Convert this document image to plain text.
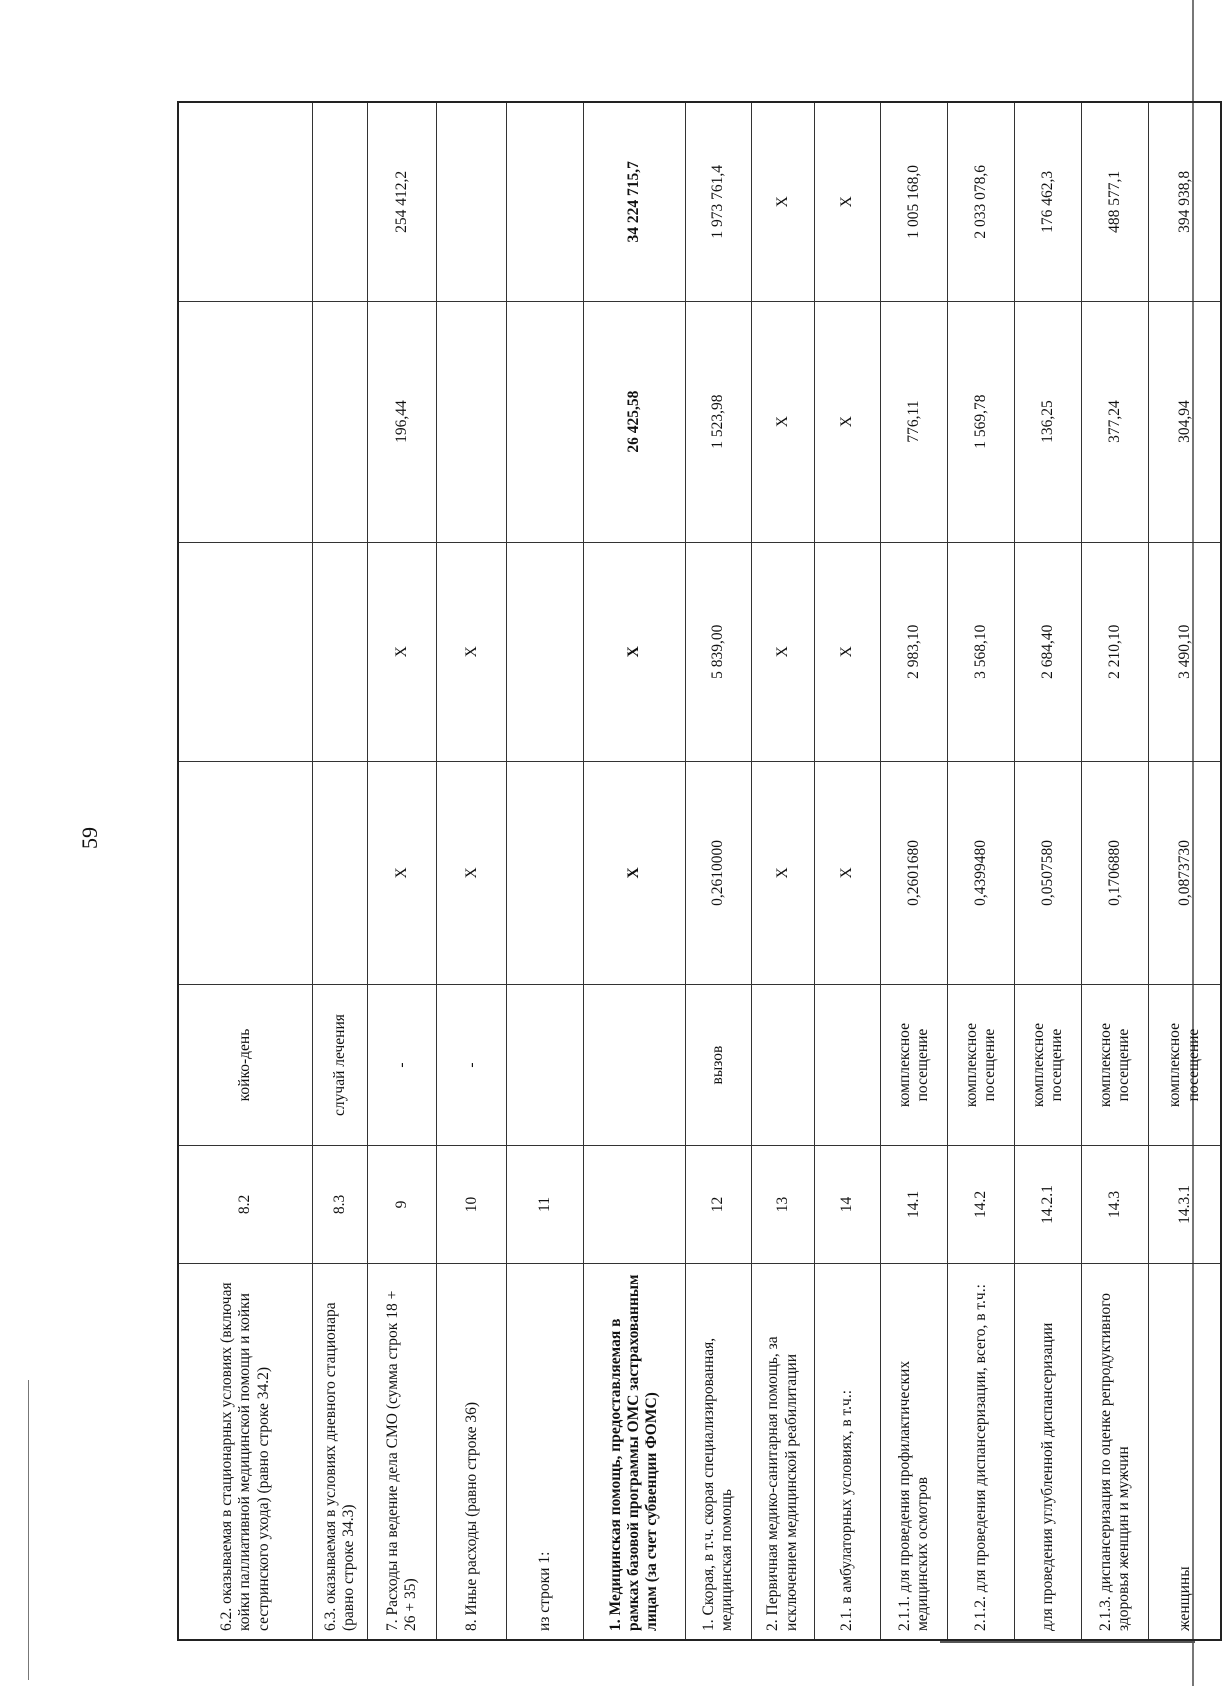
59
6.2. оказываемая в стационарных условиях (включая койки паллиативной медицинской помощи и койки сестринского ухода) (равно строке 34.2)	8.2	койко-день				
6.3. оказываемая в условиях дневного стационара (равно строке 34.3)	8.3	случай лечения				
7. Расходы на ведение дела СМО (сумма строк 18 + 26 + 35)	9	-	X	X	196,44	254 412,2
8. Иные расходы (равно строке 36)	10	-	X	X		
из строки 1:	11					
1. Медицинская помощь, предоставляемая в рамках базовой программы ОМС застрахованным лицам (за счет субвенции ФОМС)			X	X	26 425,58	34 224 715,7
1. Скорая, в т.ч. скорая специализированная, медицинская помощь	12	вызов	0,2610000	5 839,00	1 523,98	1 973 761,4
2. Первичная медико-санитарная помощь, за исключением медицинской реабилитации	13		X	X	X	X
2.1. в амбулаторных условиях, в т.ч.:	14		X	X	X	X
2.1.1. для проведения профилактических медицинских осмотров	14.1	комплексное посещение	0,2601680	2 983,10	776,11	1 005 168,0
2.1.2. для проведения диспансеризации, всего, в т.ч.:	14.2	комплексное посещение	0,4399480	3 568,10	1 569,78	2 033 078,6
для проведения углубленной диспансеризации	14.2.1	комплексное посещение	0,0507580	2 684,40	136,25	176 462,3
2.1.3. диспансеризация по оценке репродуктивного здоровья женщин и мужчин	14.3	комплексное посещение	0,1706880	2 210,10	377,24	488 577,1
женщины	14.3.1	комплексное посещение	0,0873730	3 490,10	304,94	394 938,8
